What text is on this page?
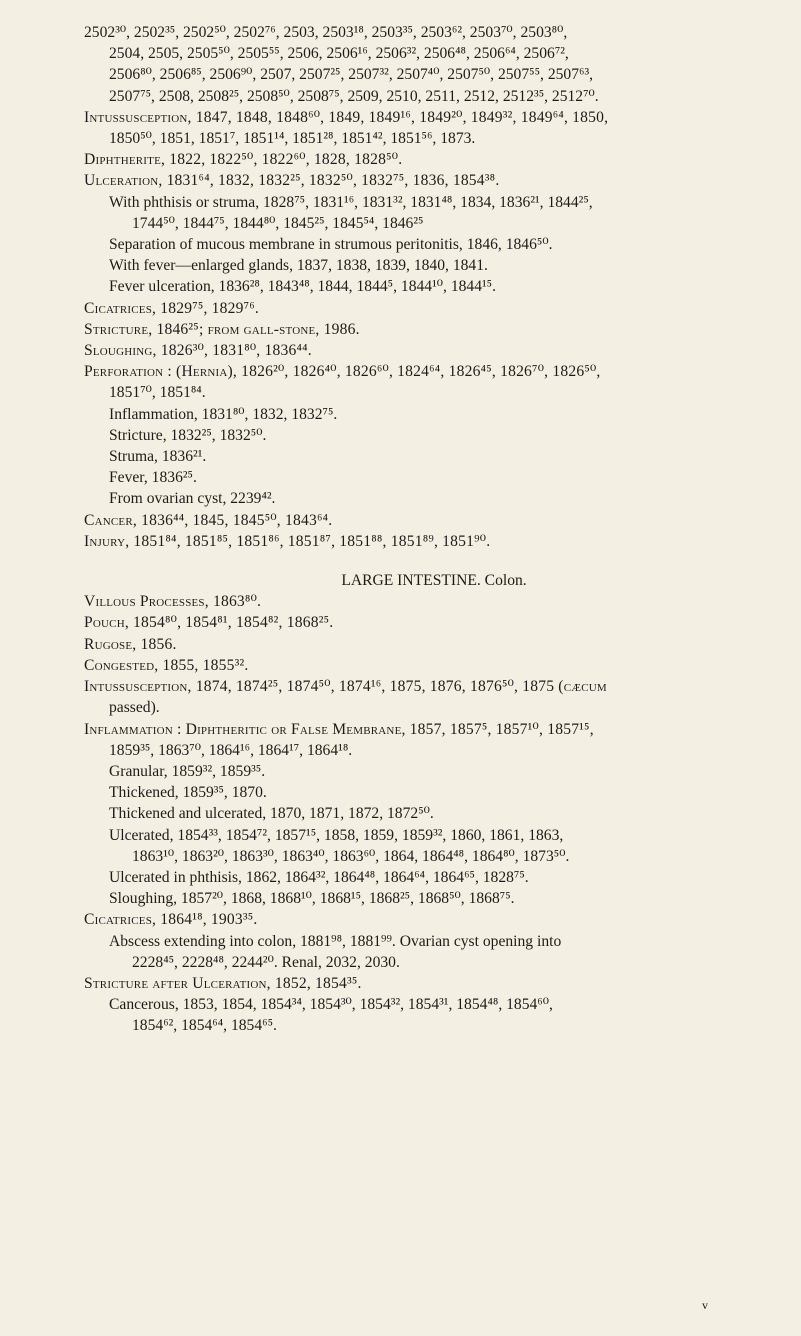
2502³⁰, 2502³⁵, 2502⁵⁰, 2502⁷⁶, 2503, 2503¹⁸, 2503³⁵, 2503⁶², 2503⁷⁰, 2503⁸⁰,
2504, 2505, 2505⁵⁰, 2505⁵⁵, 2506, 2506¹⁶, 2506³², 2506⁴⁸, 2506⁶⁴, 2506⁷²,
2506⁸⁰, 2506⁸⁵, 2506⁹⁰, 2507, 2507²⁵, 2507³², 2507⁴⁰, 2507⁵⁰, 2507⁵⁵, 2507⁶³,
2507⁷⁵, 2508, 2508²⁵, 2508⁵⁰, 2508⁷⁵, 2509, 2510, 2511, 2512, 2512³⁵, 2512⁷⁰.
Intussusception, 1847, 1848, 1848⁶⁰, 1849, 1849¹⁶, 1849²⁰, 1849³², 1849⁶⁴, 1850,
1850⁵⁰, 1851, 1851⁷, 1851¹⁴, 1851²⁸, 1851⁴², 1851⁵⁶, 1873.
Diphtherite, 1822, 1822⁵⁰, 1822⁶⁰, 1828, 1828⁵⁰.
Ulceration, 1831⁶⁴, 1832, 1832²⁵, 1832⁵⁰, 1832⁷⁵, 1836, 1854³⁸.
With phthisis or struma, 1828⁷⁵, 1831¹⁶, 1831³², 1831⁴⁸, 1834, 1836²¹, 1844²⁵,
1744⁵⁰, 1844⁷⁵, 1844⁸⁰, 1845²⁵, 1845⁵⁴, 1846²⁵
Separation of mucous membrane in strumous peritonitis, 1846, 1846⁵⁰.
With fever—enlarged glands, 1837, 1838, 1839, 1840, 1841.
Fever ulceration, 1836²⁸, 1843⁴⁸, 1844, 1844⁵, 1844¹⁰, 1844¹⁵.
Cicatrices, 1829⁷⁵, 1829⁷⁶.
Stricture, 1846²⁵; from gall-stone, 1986.
Sloughing, 1826³⁰, 1831⁸⁰, 1836⁴⁴.
Perforation : (Hernia), 1826²⁰, 1826⁴⁰, 1826⁶⁰, 1824⁶⁴, 1826⁴⁵, 1826⁷⁰, 1826⁵⁰,
1851⁷⁰, 1851⁸⁴.
Inflammation, 1831⁸⁰, 1832, 1832⁷⁵.
Stricture, 1832²⁵, 1832⁵⁰.
Struma, 1836²¹.
Fever, 1836²⁵.
From ovarian cyst, 2239⁴².
Cancer, 1836⁴⁴, 1845, 1845⁵⁰, 1843⁶⁴.
Injury, 1851⁸⁴, 1851⁸⁵, 1851⁸⁶, 1851⁸⁷, 1851⁸⁸, 1851⁸⁹, 1851⁹⁰.
LARGE INTESTINE. Colon.
Villous Processes, 1863⁸⁰.
Pouch, 1854⁸⁰, 1854⁸¹, 1854⁸², 1868²⁵.
Rugose, 1856.
Congested, 1855, 1855³².
Intussusception, 1874, 1874²⁵, 1874⁵⁰, 1874¹⁶, 1875, 1876, 1876⁵⁰, 1875 (cæcum
passed).
Inflammation : Diphtheritic or False Membrane, 1857, 1857⁵, 1857¹⁰, 1857¹⁵,
1859³⁵, 1863⁷⁰, 1864¹⁶, 1864¹⁷, 1864¹⁸.
Granular, 1859³², 1859³⁵.
Thickened, 1859³⁵, 1870.
Thickened and ulcerated, 1870, 1871, 1872, 1872⁵⁰.
Ulcerated, 1854³³, 1854⁷², 1857¹⁵, 1858, 1859, 1859³², 1860, 1861, 1863,
1863¹⁰, 1863²⁰, 1863³⁰, 1863⁴⁰, 1863⁶⁰, 1864, 1864⁴⁸, 1864⁸⁰, 1873⁵⁰.
Ulcerated in phthisis, 1862, 1864³², 1864⁴⁸, 1864⁶⁴, 1864⁶⁵, 1828⁷⁵.
Sloughing, 1857²⁰, 1868, 1868¹⁰, 1868¹⁵, 1868²⁵, 1868⁵⁰, 1868⁷⁵.
Cicatrices, 1864¹⁸, 1903³⁵.
Abscess extending into colon, 1881⁹⁸, 1881⁹⁹. Ovarian cyst opening into
2228⁴⁵, 2228⁴⁸, 2244²⁰. Renal, 2032, 2030.
Stricture after Ulceration, 1852, 1854³⁵.
Cancerous, 1853, 1854, 1854³⁴, 1854³⁰, 1854³², 1854³¹, 1854⁴⁸, 1854⁶⁰,
1854⁶², 1854⁶⁴, 1854⁶⁵.
v
